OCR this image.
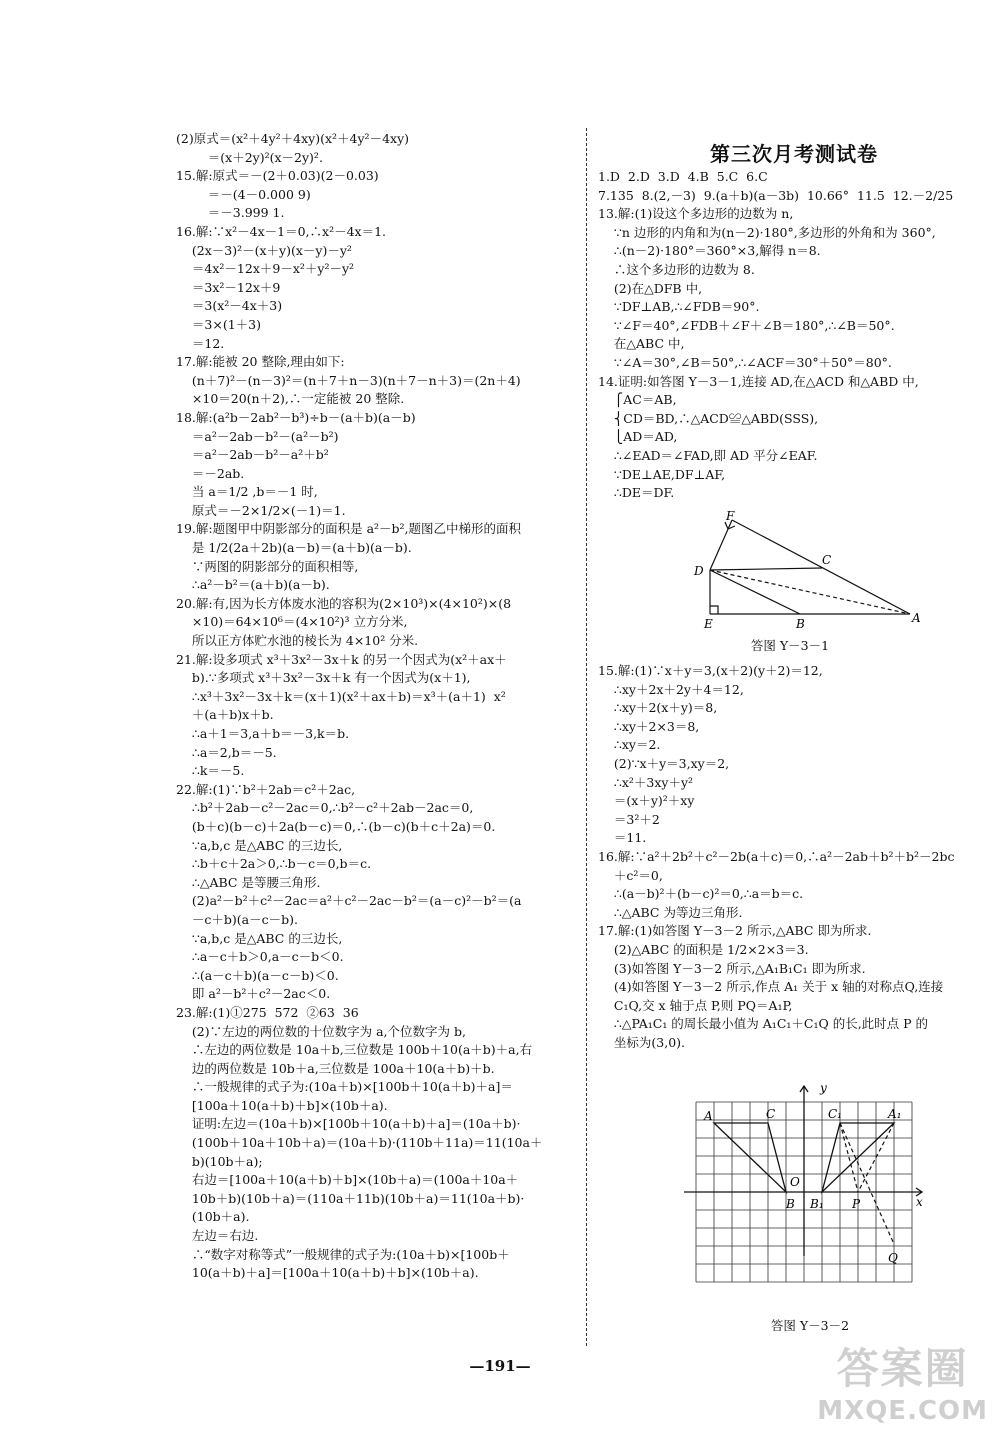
(2)原式＝(x²＋4y²＋4xy)(x²＋4y²－4xy)
＝(x＋2y)²(x－2y)².
15.解:原式＝－(2＋0.03)(2－0.03)
＝－(4－0.000 9)
＝－3.999 1.
16.解:∵x²－4x－1＝0,∴x²－4x＝1.
(2x－3)²－(x＋y)(x－y)－y²
＝4x²－12x＋9－x²＋y²－y²
＝3x²－12x＋9
＝3(x²－4x＋3)
＝3×(1＋3)
＝12.
17.解:能被 20 整除,理由如下:
(n＋7)²－(n－3)²＝(n＋7＋n－3)(n＋7－n＋3)＝(2n＋4)
×10＝20(n＋2),∴一定能被 20 整除.
18.解:(a²b－2ab²－b³)÷b－(a＋b)(a－b)
＝a²－2ab－b²－(a²－b²)
＝a²－2ab－b²－a²＋b²
＝－2ab.
当 a＝1/2 ,b＝－1 时,
原式＝－2×1/2×(－1)＝1.
19.解:题图甲中阴影部分的面积是 a²－b²,题图乙中梯形的面积
是 1/2(2a＋2b)(a－b)＝(a＋b)(a－b).
∵两图的阴影部分的面积相等,
∴a²－b²＝(a＋b)(a－b).
20.解:有,因为长方体废水池的容积为(2×10³)×(4×10²)×(8
×10)＝64×10⁶＝(4×10²)³ 立方分米,
所以正方体贮水池的棱长为 4×10² 分米.
21.解:设多项式 x³＋3x²－3x＋k 的另一个因式为(x²＋ax＋
b).∵多项式 x³＋3x²－3x＋k 有一个因式为(x＋1),
∴x³＋3x²－3x＋k＝(x＋1)(x²＋ax＋b)＝x³＋(a＋1)  x²
＋(a＋b)x＋b.
∴a＋1＝3,a＋b＝－3,k＝b.
∴a＝2,b＝－5.
∴k＝－5.
22.解:(1)∵b²＋2ab＝c²＋2ac,
∴b²＋2ab－c²－2ac＝0,∴b²－c²＋2ab－2ac＝0,
(b＋c)(b－c)＋2a(b－c)＝0,∴(b－c)(b＋c＋2a)＝0.
∵a,b,c 是△ABC 的三边长,
∴b＋c＋2a＞0,∴b－c＝0,b＝c.
∴△ABC 是等腰三角形.
(2)a²－b²＋c²－2ac＝a²＋c²－2ac－b²＝(a－c)²－b²＝(a
－c＋b)(a－c－b).
∵a,b,c 是△ABC 的三边长,
∴a－c＋b＞0,a－c－b＜0.
∴(a－c＋b)(a－c－b)＜0.
即 a²－b²＋c²－2ac＜0.
23.解:(1)①275  572  ②63  36
(2)∵左边的两位数的十位数字为 a,个位数字为 b,
∴左边的两位数是 10a＋b,三位数是 100b＋10(a＋b)＋a,右
边的两位数是 10b＋a,三位数是 100a＋10(a＋b)＋b.
∴一般规律的式子为:(10a＋b)×[100b＋10(a＋b)＋a]＝
[100a＋10(a＋b)＋b]×(10b＋a).
证明:左边＝(10a＋b)×[100b＋10(a＋b)＋a]＝(10a＋b)·
(100b＋10a＋10b＋a)＝(10a＋b)·(110b＋11a)＝11(10a＋
b)(10b＋a);
右边＝[100a＋10(a＋b)＋b]×(10b＋a)＝(100a＋10a＋
10b＋b)(10b＋a)＝(110a＋11b)(10b＋a)＝11(10a＋b)·
(10b＋a).
左边＝右边.
∴“数字对称等式”一般规律的式子为:(10a＋b)×[100b＋
10(a＋b)＋a]＝[100a＋10(a＋b)＋b]×(10b＋a).
第三次月考测试卷
1.D  2.D  3.D  4.B  5.C  6.C
7.135  8.(2,－3)  9.(a＋b)(a－3b)  10.66°  11.5  12.－2/25
13.解:(1)设这个多边形的边数为 n,
∵n 边形的内角和为(n－2)·180°,多边形的外角和为 360°,
∴(n－2)·180°＝360°×3,解得 n＝8.
∴这个多边形的边数为 8.
(2)在△DFB 中,
∵DF⊥AB,∴∠FDB＝90°.
∵∠F＝40°,∠FDB＋∠F＋∠B＝180°,∴∠B＝50°.
在△ABC 中,
∵∠A＝30°,∠B＝50°,∴∠ACF＝30°＋50°＝80°.
14.证明:如答图 Y－3－1,连接 AD,在△ACD 和△ABD 中,
⎧AC＝AB,
⎨CD＝BD,∴△ACD≌△ABD(SSS),
⎩AD＝AD,
∴∠EAD＝∠FAD,即 AD 平分∠EAF.
∵DE⊥AE,DF⊥AF,
∴DE＝DF.
F
C
D
A
E	B
答图 Y－3－1
15.解:(1)∵x＋y＝3,(x＋2)(y＋2)＝12,
∴xy＋2x＋2y＋4＝12,
∴xy＋2(x＋y)＝8,
∴xy＋2×3＝8,
∴xy＝2.
(2)∵x＋y＝3,xy＝2,
∴x²＋3xy＋y²
＝(x＋y)²＋xy
＝3²＋2
＝11.
16.解:∵a²＋2b²＋c²－2b(a＋c)＝0,∴a²－2ab＋b²＋b²－2bc
＋c²＝0,
∴(a－b)²＋(b－c)²＝0,∴a＝b＝c.
∴△ABC 为等边三角形.
17.解:(1)如答图 Y－3－2 所示,△ABC 即为所求.
(2)△ABC 的面积是 1/2×2×3＝3.
(3)如答图 Y－3－2 所示,△A₁B₁C₁ 即为所求.
(4)如答图 Y－3－2 所示,作点 A₁ 关于 x 轴的对称点Q,连接
C₁Q,交 x 轴于点 P,则 PQ＝A₁P,
∴△PA₁C₁ 的周长最小值为 A₁C₁＋C₁Q 的长,此时点 P 的
坐标为(3,0).
y
x
A	C	C₁	A₁
O
B B₁ P
Q
答图 Y－3－2
—191—	答案圈
MXQE.COM
